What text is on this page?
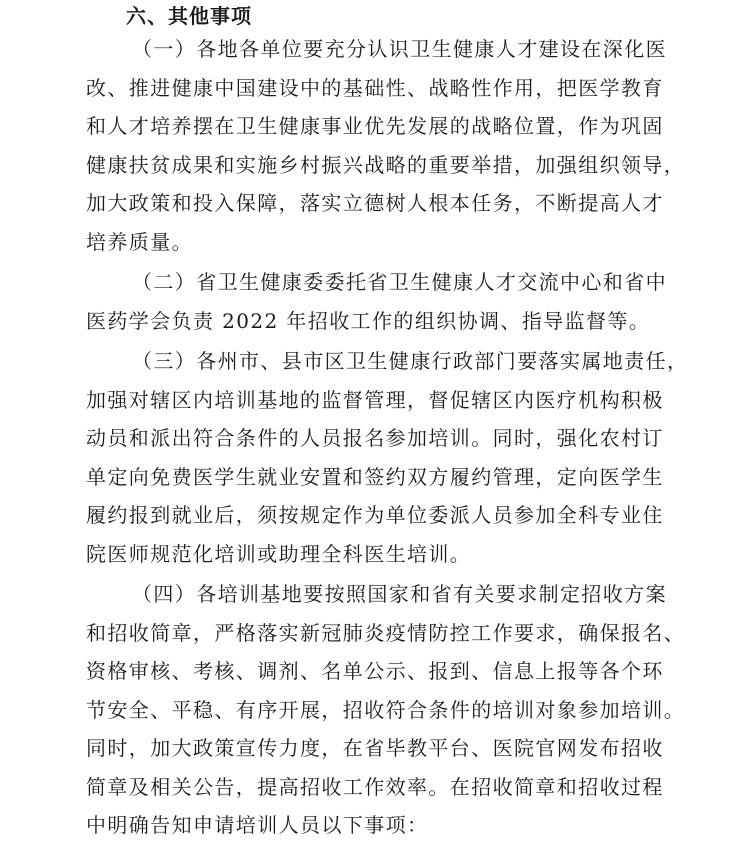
六、其他事项
（一）各地各单位要充分认识卫生健康人才建设在深化医
改、推进健康中国建设中的基础性、战略性作用，把医学教育
和人才培养摆在卫生健康事业优先发展的战略位置，作为巩固
健康扶贫成果和实施乡村振兴战略的重要举措，加强组织领导，
加大政策和投入保障，落实立德树人根本任务，不断提高人才
培养质量。
（二）省卫生健康委委托省卫生健康人才交流中心和省中
医药学会负责 2022 年招收工作的组织协调、指导监督等。
（三）各州市、县市区卫生健康行政部门要落实属地责任，
加强对辖区内培训基地的监督管理，督促辖区内医疗机构积极
动员和派出符合条件的人员报名参加培训。同时，强化农村订
单定向免费医学生就业安置和签约双方履约管理，定向医学生
履约报到就业后，须按规定作为单位委派人员参加全科专业住
院医师规范化培训或助理全科医生培训。
（四）各培训基地要按照国家和省有关要求制定招收方案
和招收简章，严格落实新冠肺炎疫情防控工作要求，确保报名、
资格审核、考核、调剂、名单公示、报到、信息上报等各个环
节安全、平稳、有序开展，招收符合条件的培训对象参加培训。
同时，加大政策宣传力度，在省毕教平台、医院官网发布招收
简章及相关公告，提高招收工作效率。在招收简章和招收过程
中明确告知申请培训人员以下事项：
